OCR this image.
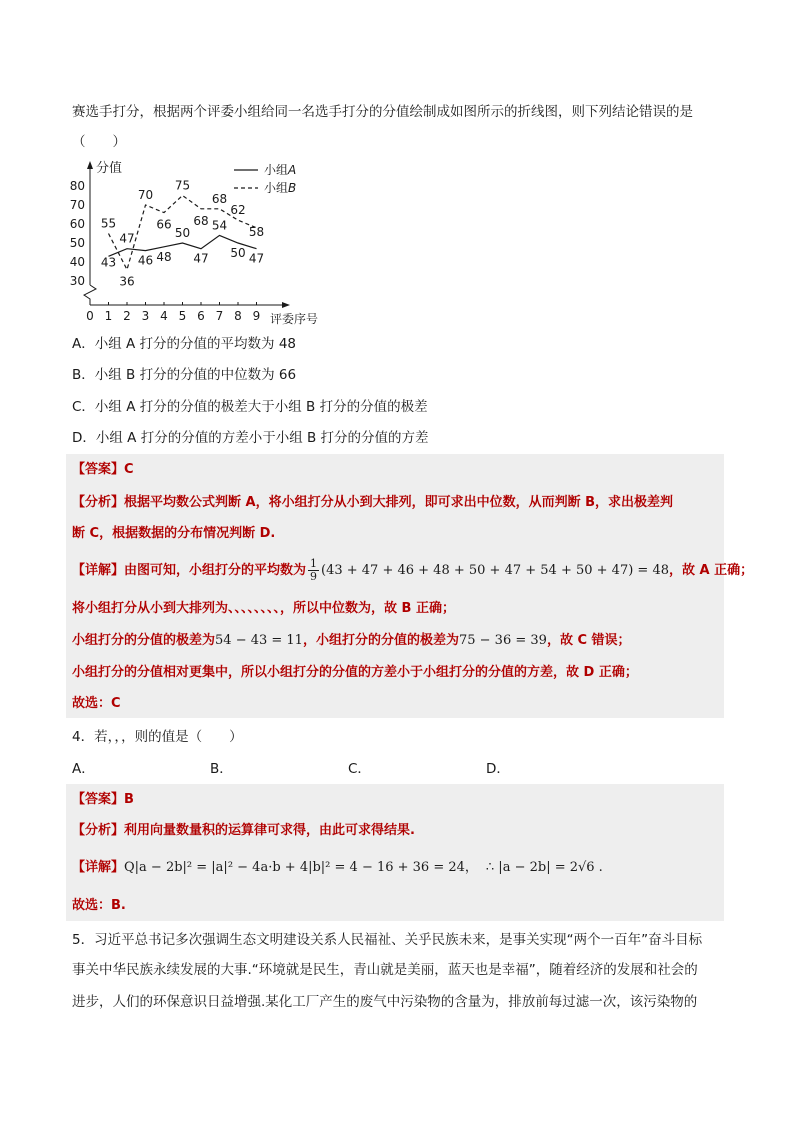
赛选手打分，根据两个评委小组给同一名选手打分的分值绘制成如图所示的折线图，则下列结论错误的是
（　　）
分值
评委序号
30
40
50
60
70
80
0 1 2 3 4 5 6 7 8 9
43
47
46 48
50
47
54
50 47
55
36
70
66
75
68
68
62
58
小组A
小组B
A．小组 A 打分的分值的平均数为 48
B．小组 B 打分的分值的中位数为 66
C．小组 A 打分的分值的极差大于小组 B 打分的分值的极差
D．小组 A 打分的分值的方差小于小组 B 打分的分值的方差
【答案】C
【分析】根据平均数公式判断 A，将小组打分从小到大排列，即可求出中位数，从而判断 B，求出极差判
断 C，根据数据的分布情况判断 D.
【详解】由图可知，小组打分的平均数为 $\frac{1}{9} (43 + 47 + 46 + 48 + 50 + 47 + 54 + 50 + 47) = 48$，故 A 正确；
将小组打分从小到大排列为、、、、、、、、，所以中位数为，故 B 正确；
小组打分的分值的极差为54 − 43 = 11，小组打分的分值的极差为75 − 36 = 39，故 C 错误；
小组打分的分值相对更集中，所以小组打分的分值的方差小于小组打分的分值的方差，故 D 正确；
故选：C
4．若，，，则的值是（　　）
A．	B．	C．	D．
【答案】B
【分析】利用向量数量积的运算律可求得，由此可求得结果.
【详解】Q|a − 2b|² = |a|² − 4a·b + 4|b|² = 4 − 16 + 36 = 24， ∴ |a − 2b| = 2√6 .
故选：B.
5．习近平总书记多次强调生态文明建设关系人民福祉、关乎民族未来，是事关实现“两个一百年”奋斗目标
事关中华民族永续发展的大事.“环境就是民生，青山就是美丽，蓝天也是幸福”，随着经济的发展和社会的
进步，人们的环保意识日益增强.某化工厂产生的废气中污染物的含量为，排放前每过滤一次，该污染物的
